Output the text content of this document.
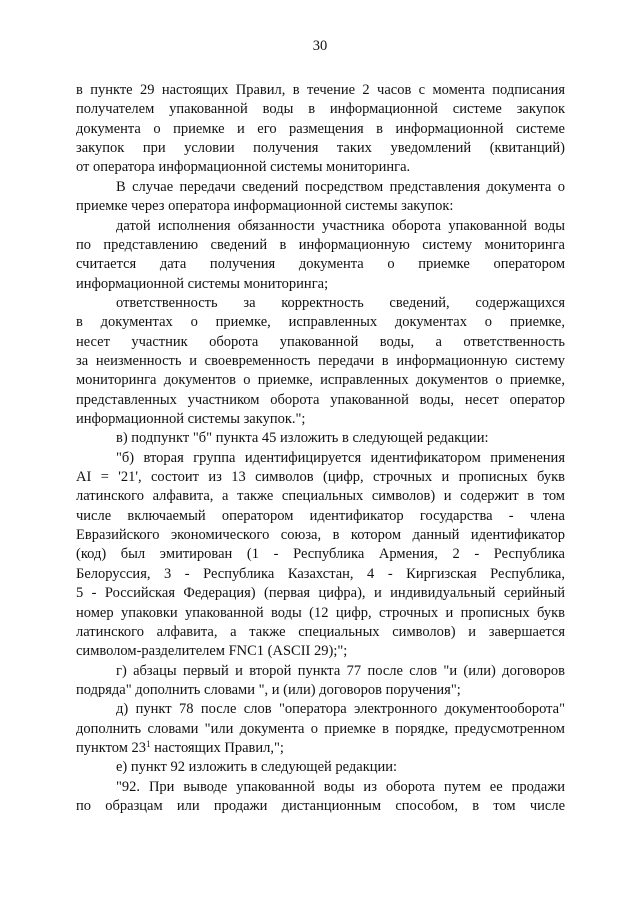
30
в пункте 29 настоящих Правил, в течение 2 часов с момента подписания
получателем упакованной воды в информационной системе закупок
документа о приемке и его размещения в информационной системе
закупок при условии получения таких уведомлений (квитанций)
от оператора информационной системы мониторинга.
В случае передачи сведений посредством представления документа о
приемке через оператора информационной системы закупок:
датой исполнения обязанности участника оборота упакованной воды
по представлению сведений в информационную систему мониторинга
считается дата получения документа о приемке оператором
информационной системы мониторинга;
ответственность за корректность сведений, содержащихся
в документах о приемке, исправленных документах о приемке,
несет участник оборота упакованной воды, а ответственность
за неизменность и своевременность передачи в информационную систему
мониторинга документов о приемке, исправленных документов о приемке,
представленных участником оборота упакованной воды, несет оператор
информационной системы закупок.";
в) подпункт "б" пункта 45 изложить в следующей редакции:
"б) вторая группа идентифицируется идентификатором применения
AI = '21', состоит из 13 символов (цифр, строчных и прописных букв
латинского алфавита, а также специальных символов) и содержит в том
числе включаемый оператором идентификатор государства - члена
Евразийского экономического союза, в котором данный идентификатор
(код) был эмитирован (1 - Республика Армения, 2 - Республика
Белоруссия, 3 - Республика Казахстан, 4 - Киргизская Республика,
5 - Российская Федерация) (первая цифра), и индивидуальный серийный
номер упаковки упакованной воды (12 цифр, строчных и прописных букв
латинского алфавита, а также специальных символов) и завершается
символом-разделителем FNC1 (ASCII 29);";
г) абзацы первый и второй пункта 77 после слов "и (или) договоров
подряда" дополнить словами ", и (или) договоров поручения";
д) пункт 78 после слов "оператора электронного документооборота"
дополнить словами "или документа о приемке в порядке, предусмотренном
пунктом $23^1$ настоящих Правил,";
е) пункт 92 изложить в следующей редакции:
"92. При выводе упакованной воды из оборота путем ее продажи
по образцам или продажи дистанционным способом, в том числе
